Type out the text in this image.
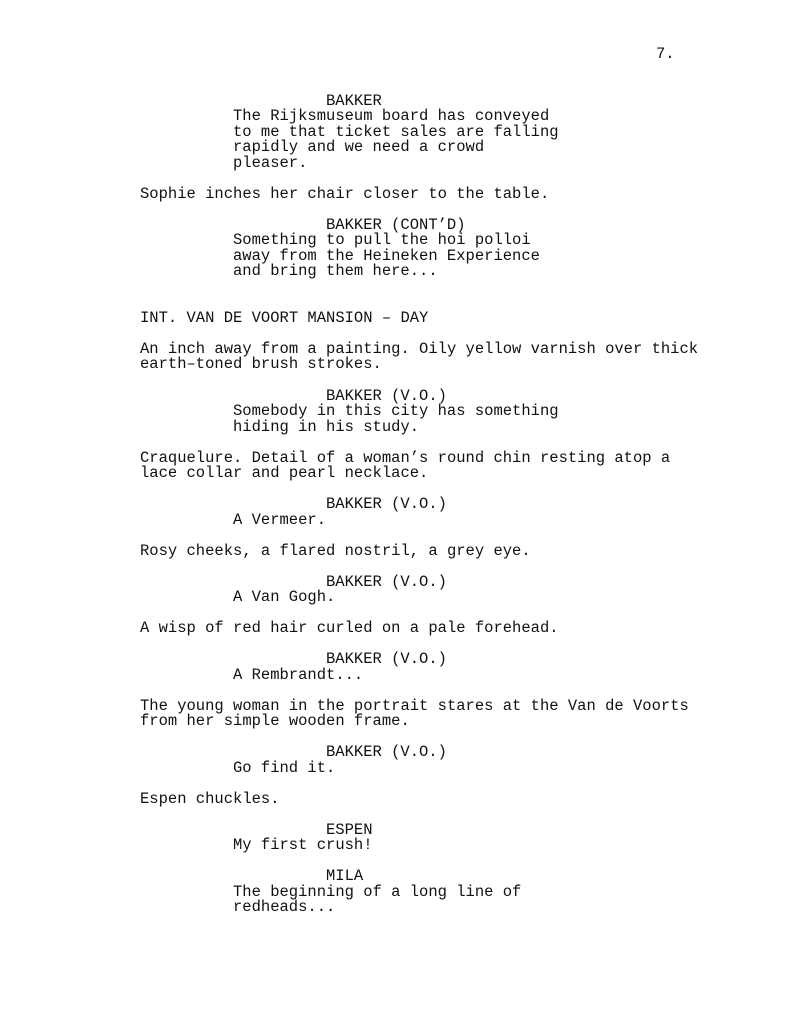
7.
BAKKER
The Rijksmuseum board has conveyed
to me that ticket sales are falling
rapidly and we need a crowd
pleaser.
Sophie inches her chair closer to the table.
BAKKER (CONT’D)
Something to pull the hoi polloi
away from the Heineken Experience
and bring them here...
INT. VAN DE VOORT MANSION – DAY
An inch away from a painting. Oily yellow varnish over thick
earth–toned brush strokes.
BAKKER (V.O.)
Somebody in this city has something
hiding in his study.
Craquelure. Detail of a woman’s round chin resting atop a
lace collar and pearl necklace.
BAKKER (V.O.)
A Vermeer.
Rosy cheeks, a flared nostril, a grey eye.
BAKKER (V.O.)
A Van Gogh.
A wisp of red hair curled on a pale forehead.
BAKKER (V.O.)
A Rembrandt...
The young woman in the portrait stares at the Van de Voorts
from her simple wooden frame.
BAKKER (V.O.)
Go find it.
Espen chuckles.
ESPEN
My first crush!
MILA
The beginning of a long line of
redheads...
